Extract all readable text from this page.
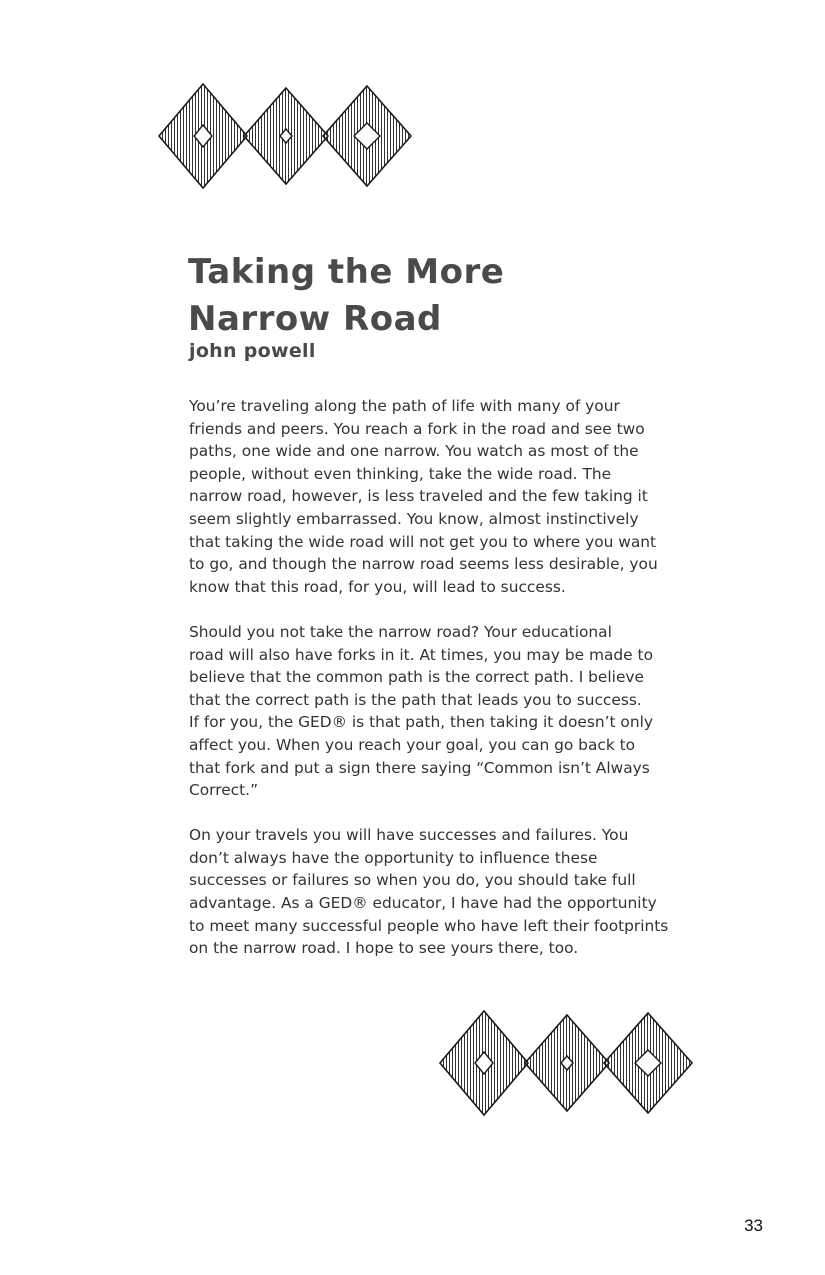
Taking the More
Narrow Road
john powell

You’re traveling along the path of life with many of your
friends and peers. You reach a fork in the road and see two
paths, one wide and one narrow. You watch as most of the
people, without even thinking, take the wide road. The
narrow road, however, is less traveled and the few taking it
seem slightly embarrassed. You know, almost instinctively
that taking the wide road will not get you to where you want
to go, and though the narrow road seems less desirable, you
know that this road, for you, will lead to success.

Should you not take the narrow road? Your educational
road will also have forks in it. At times, you may be made to
believe that the common path is the correct path. I believe
that the correct path is the path that leads you to success.
If for you, the GED® is that path, then taking it doesn’t only
affect you. When you reach your goal, you can go back to
that fork and put a sign there saying “Common isn’t Always
Correct.”

On your travels you will have successes and failures. You
don’t always have the opportunity to influence these
successes or failures so when you do, you should take full
advantage. As a GED® educator, I have had the opportunity
to meet many successful people who have left their footprints
on the narrow road. I hope to see yours there, too.

33
